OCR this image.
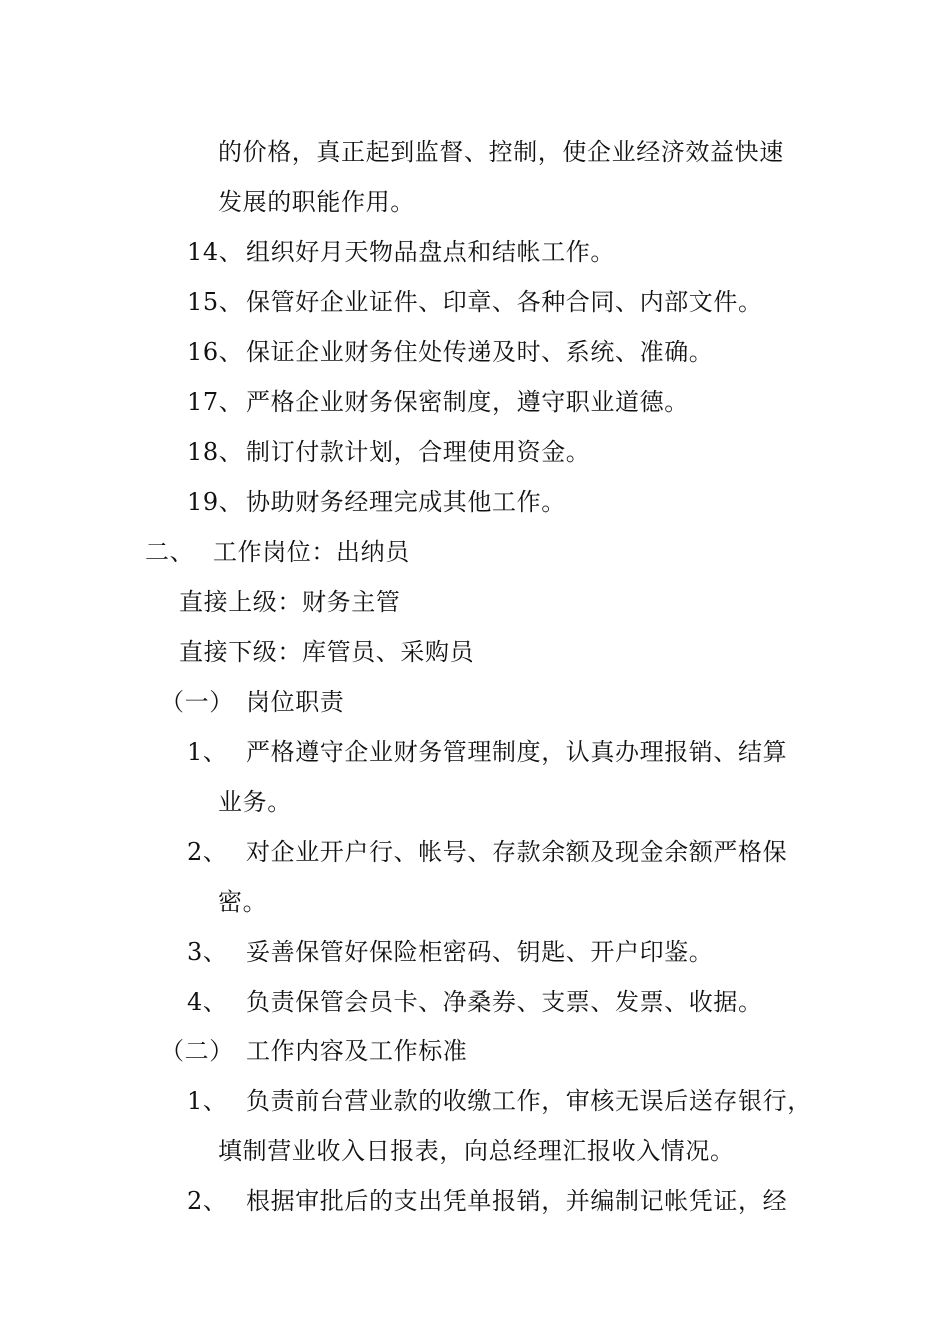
的价格，真正起到监督、控制，使企业经济效益快速
发展的职能作用。
14、 组织好月天物品盘点和结帐工作。
15、 保管好企业证件、印章、各种合同、内部文件。
16、 保证企业财务住处传递及时、系统、准确。
17、 严格企业财务保密制度，遵守职业道德。
18、 制订付款计划，合理使用资金。
19、 协助财务经理完成其他工作。
二、 工作岗位：出纳员
直接上级：财务主管
直接下级：库管员、采购员
（一） 岗位职责
1、 严格遵守企业财务管理制度，认真办理报销、结算
业务。
2、 对企业开户行、帐号、存款余额及现金余额严格保
密。
3、 妥善保管好保险柜密码、钥匙、开户印鉴。
4、 负责保管会员卡、净桑券、支票、发票、收据。
（二） 工作内容及工作标准
1、 负责前台营业款的收缴工作，审核无误后送存银行，
填制营业收入日报表，向总经理汇报收入情况。
2、 根据审批后的支出凭单报销，并编制记帐凭证，经
